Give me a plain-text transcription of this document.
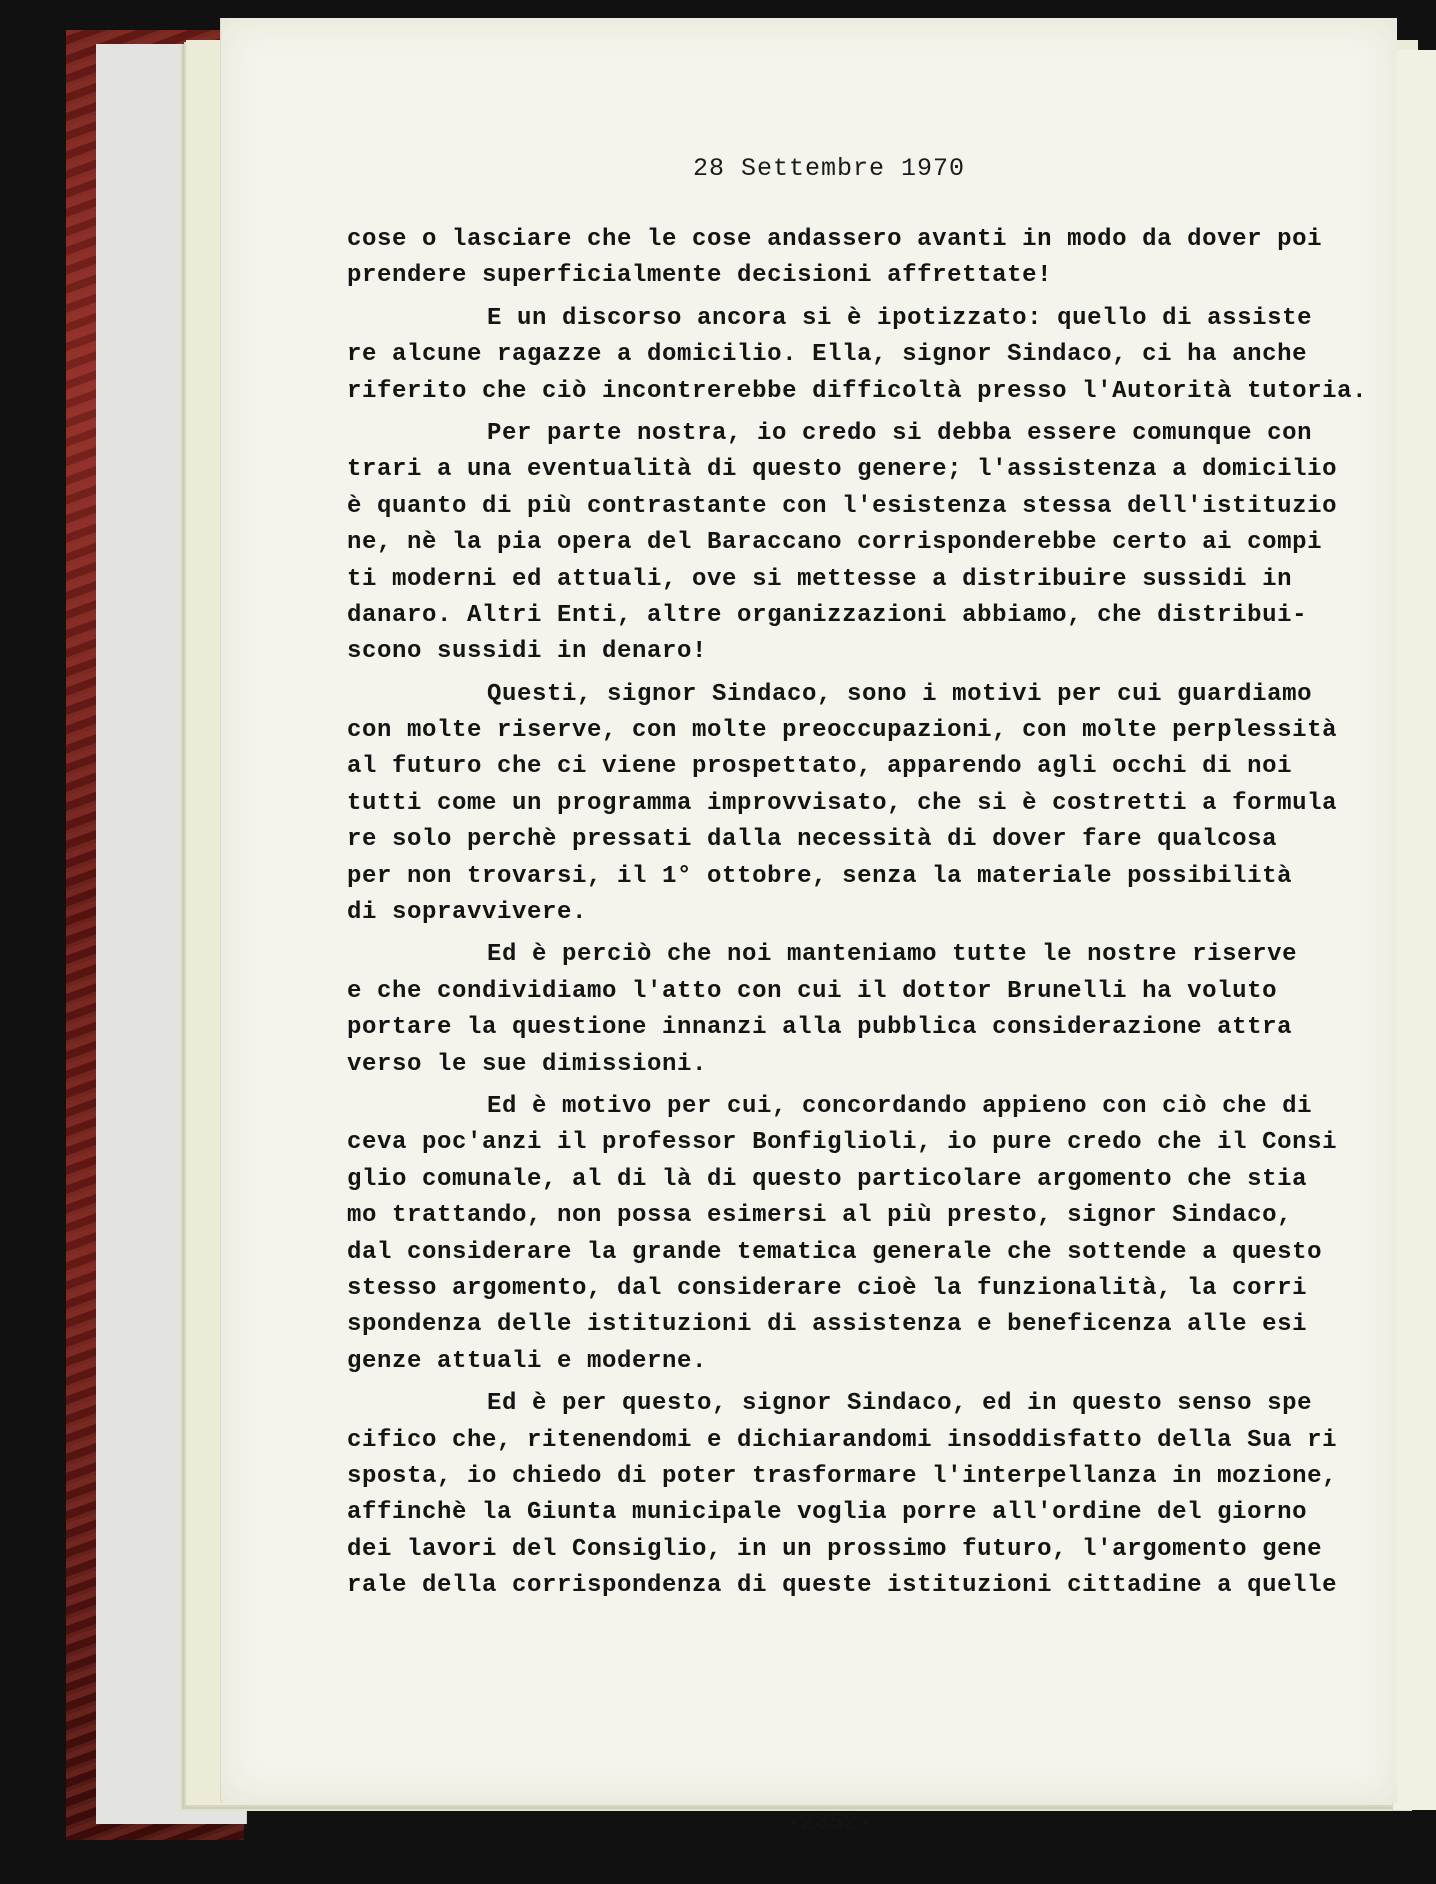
28 Settembre 1970
-2852-
cose o lasciare che le cose andassero avanti in modo da dover poi
prendere superficialmente decisioni affrettate!
E un discorso ancora si è ipotizzato: quello di assiste
re alcune ragazze a domicilio. Ella, signor Sindaco, ci ha anche
riferito che ciò incontrerebbe difficoltà presso l'Autorità tutoria.
Per parte nostra, io credo si debba essere comunque con
trari a una eventualità di questo genere; l'assistenza a domicilio
è quanto di più contrastante con l'esistenza stessa dell'istituzio
ne, nè la pia opera del Baraccano corrisponderebbe certo ai compi
ti moderni ed attuali, ove si mettesse a distribuire sussidi in
danaro. Altri Enti, altre organizzazioni abbiamo, che distribui-
scono sussidi in denaro!
Questi, signor Sindaco, sono i motivi per cui guardiamo
con molte riserve, con molte preoccupazioni, con molte perplessità
al futuro che ci viene prospettato, apparendo agli occhi di noi
tutti come un programma improvvisato, che si è costretti a formula
re solo perchè pressati dalla necessità di dover fare qualcosa
per non trovarsi, il 1° ottobre, senza la materiale possibilità
di sopravvivere.
Ed è perciò che noi manteniamo tutte le nostre riserve
e che condividiamo l'atto con cui il dottor Brunelli ha voluto
portare la questione innanzi alla pubblica considerazione attra
verso le sue dimissioni.
Ed è motivo per cui, concordando appieno con ciò che di
ceva poc'anzi il professor Bonfiglioli, io pure credo che il Consi
glio comunale, al di là di questo particolare argomento che stia
mo trattando, non possa esimersi al più presto, signor Sindaco,
dal considerare la grande tematica generale che sottende a questo
stesso argomento, dal considerare cioè la funzionalità, la corri
spondenza delle istituzioni di assistenza e beneficenza alle esi
genze attuali e moderne.
Ed è per questo, signor Sindaco, ed in questo senso spe
cifico che, ritenendomi e dichiarandomi insoddisfatto della Sua ri
sposta, io chiedo di poter trasformare l'interpellanza in mozione,
affinchè la Giunta municipale voglia porre all'ordine del giorno
dei lavori del Consiglio, in un prossimo futuro, l'argomento gene
rale della corrispondenza di queste istituzioni cittadine a quelle
